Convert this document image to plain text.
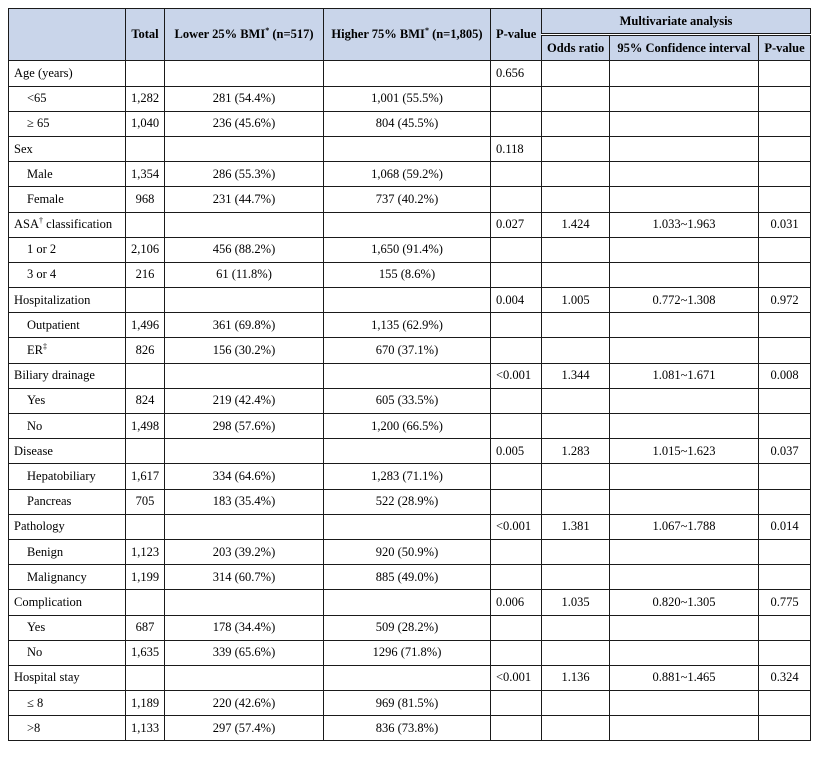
	Total	Lower 25% BMI* (n=517)	Higher 75% BMI* (n=1,805)	P-value	Multivariate analysis		
					Odds ratio	95% Confidence interval	P-value
Age (years)				0.656			
<65	1,282	281 (54.4%)	1,001 (55.5%)				
≥ 65	1,040	236 (45.6%)	804 (45.5%)				
Sex				0.118			
Male	1,354	286 (55.3%)	1,068 (59.2%)				
Female	968	231 (44.7%)	737 (40.2%)				
ASA† classification				0.027	1.424	1.033~1.963	0.031
1 or 2	2,106	456 (88.2%)	1,650 (91.4%)				
3 or 4	216	61 (11.8%)	155 (8.6%)				
Hospitalization				0.004	1.005	0.772~1.308	0.972
Outpatient	1,496	361 (69.8%)	1,135 (62.9%)				
ER‡	826	156 (30.2%)	670 (37.1%)				
Biliary drainage				<0.001	1.344	1.081~1.671	0.008
Yes	824	219 (42.4%)	605 (33.5%)				
No	1,498	298 (57.6%)	1,200 (66.5%)				
Disease				0.005	1.283	1.015~1.623	0.037
Hepatobiliary	1,617	334 (64.6%)	1,283 (71.1%)				
Pancreas	705	183 (35.4%)	522 (28.9%)				
Pathology				<0.001	1.381	1.067~1.788	0.014
Benign	1,123	203 (39.2%)	920 (50.9%)				
Malignancy	1,199	314 (60.7%)	885 (49.0%)				
Complication				0.006	1.035	0.820~1.305	0.775
Yes	687	178 (34.4%)	509 (28.2%)				
No	1,635	339 (65.6%)	1296 (71.8%)				
Hospital stay				<0.001	1.136	0.881~1.465	0.324
≤ 8	1,189	220 (42.6%)	969 (81.5%)				
>8	1,133	297 (57.4%)	836 (73.8%)				
